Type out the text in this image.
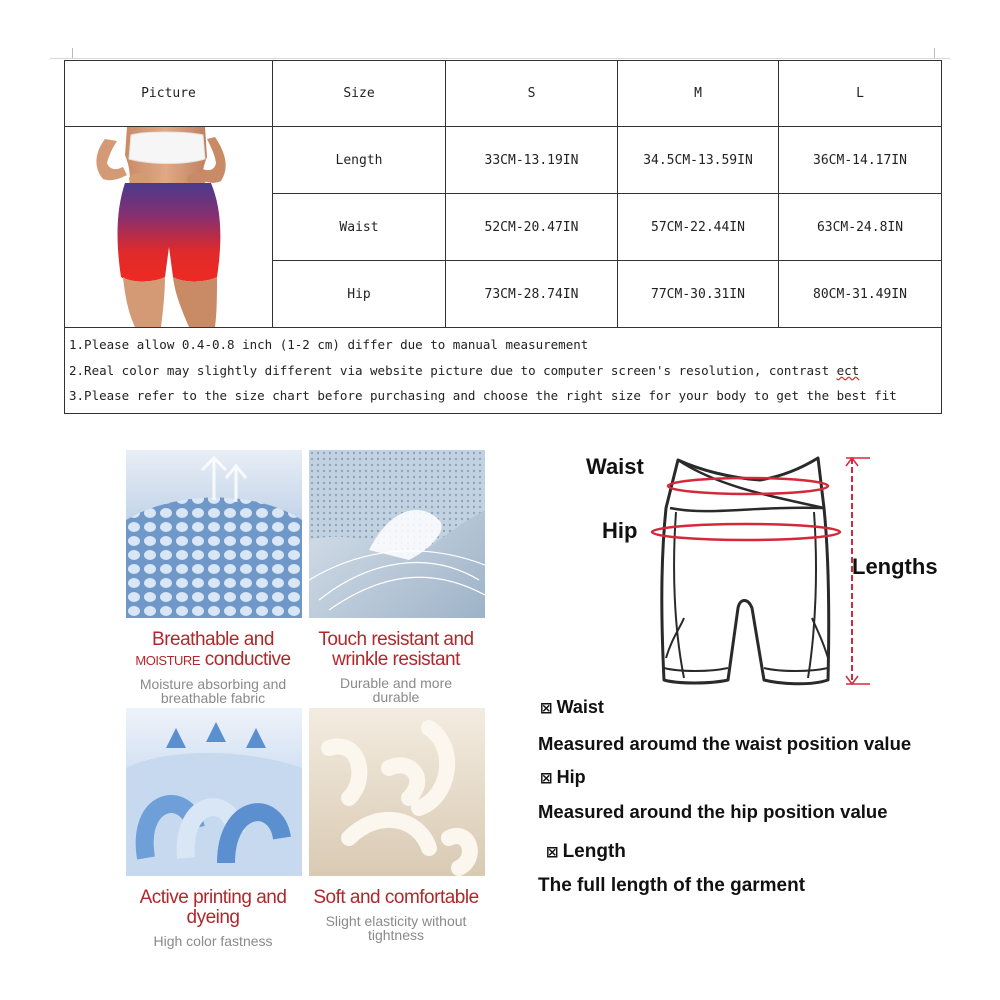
Picture	Size	S	M	L

	Length	33CM-13.19IN	34.5CM-13.59IN	36CM-14.17IN
	Waist	52CM-20.47IN	57CM-22.44IN	63CM-24.8IN
	Hip	73CM-28.74IN	77CM-30.31IN	80CM-31.49IN

1.Please allow 0.4-0.8 inch (1-2 cm) differ due to manual measurement
2.Real color may slightly different via website picture due to computer screen's resolution, contrast ect
3.Please refer to the size chart before purchasing and choose the right size for your body to get the best fit				
Breathable and
MOISTURE conductive
Moisture absorbing and
breathable fabric
Touch resistant and
wrinkle resistant
Durable and more
durable
Active printing and
dyeing
High color fastness
Soft and comfortable
Slight elasticity without
tightness
Waist
Hip
Lengths
⊠ Waist
Measured aroumd the waist position value
⊠ Hip
Measured around the hip position value
⊠ Length
The full length of the garment
